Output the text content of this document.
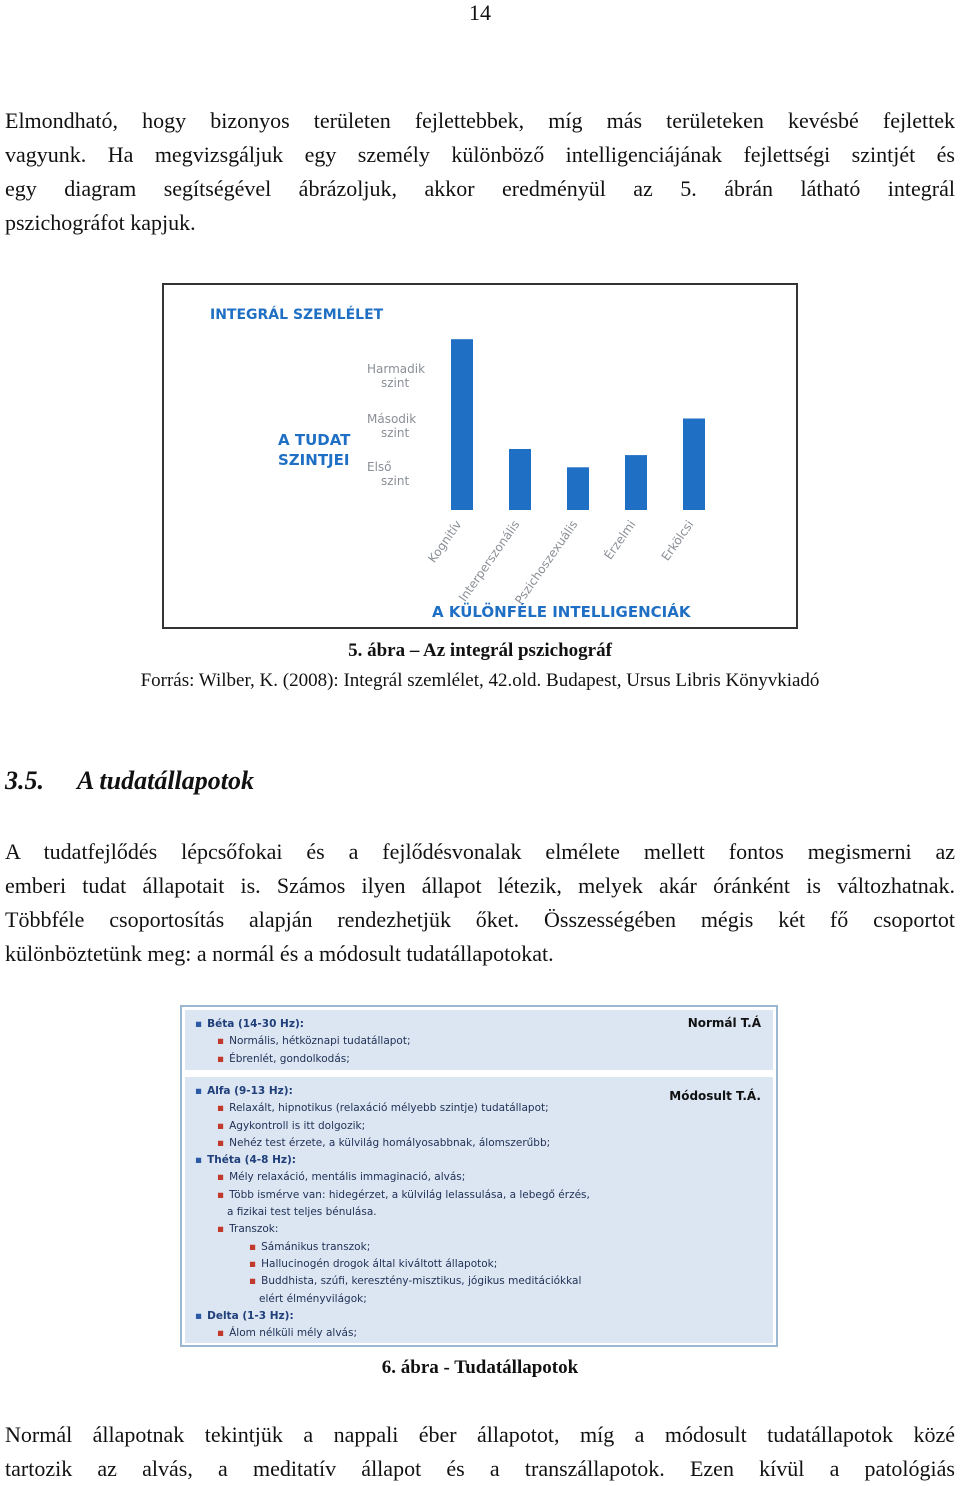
14
Elmondható, hogy bizonyos területen fejlettebbek, míg más területeken kevésbé fejlettek
vagyunk. Ha megvizsgáljuk egy személy különböző intelligenciájának fejlettségi szintjét és
egy diagram segítségével ábrázoljuk, akkor eredményül az 5. ábrán látható integrál
pszichográfot kapjuk.
INTEGRÁL SZEMLÉLET
A TUDAT
SZINTJEI
Harmadik szint
Második szint
Első szint
Kognitív
Interperszonális
Pszichoszexuális Érzelmi Erkölcsi
A KÜLÖNFÉLE INTELLIGENCIÁK
5. ábra – Az integrál pszichográf
Forrás: Wilber, K. (2008): Integrál szemlélet, 42.old. Budapest, Ursus Libris Könyvkiadó
3.5. A tudatállapotok
A tudatfejlődés lépcsőfokai és a fejlődésvonalak elmélete mellett fontos megismerni az
emberi tudat állapotait is. Számos ilyen állapot létezik, melyek akár óránként is változhatnak.
Többféle csoportosítás alapján rendezhetjük őket. Összességében mégis két fő csoportot
különböztetünk meg: a normál és a módosult tudatállapotokat.
Normál T.Á
▪ Béta (14-30 Hz):
▪ Normális, hétköznapi tudatállapot;
▪ Ébrenlét, gondolkodás;
Módosult T.Á.
▪ Alfa (9-13 Hz):
▪ Relaxált, hipnotikus (relaxáció mélyebb szintje) tudatállapot;
▪ Agykontroll is itt dolgozik;
▪ Nehéz test érzete, a külvilág homályosabbnak, álomszerűbb;
▪ Théta (4-8 Hz):
▪ Mély relaxáció, mentális immaginació, alvás;
▪ Több ismérve van: hidegérzet, a külvilág lelassulása, a lebegő érzés,
a fizikai test teljes bénulása.
▪ Transzok:
▪ Sámánikus transzok;
▪ Hallucinogén drogok által kiváltott állapotok;
▪ Buddhista, szúfi, keresztény-misztikus, jógikus meditációkkal
elért élményvilágok;
▪ Delta (1-3 Hz):
▪ Álom nélküli mély alvás;
6. ábra - Tudatállapotok
Normál állapotnak tekintjük a nappali éber állapotot, míg a módosult tudatállapotok közé
tartozik az alvás, a meditatív állapot és a transzállapotok. Ezen kívül a patológiás
